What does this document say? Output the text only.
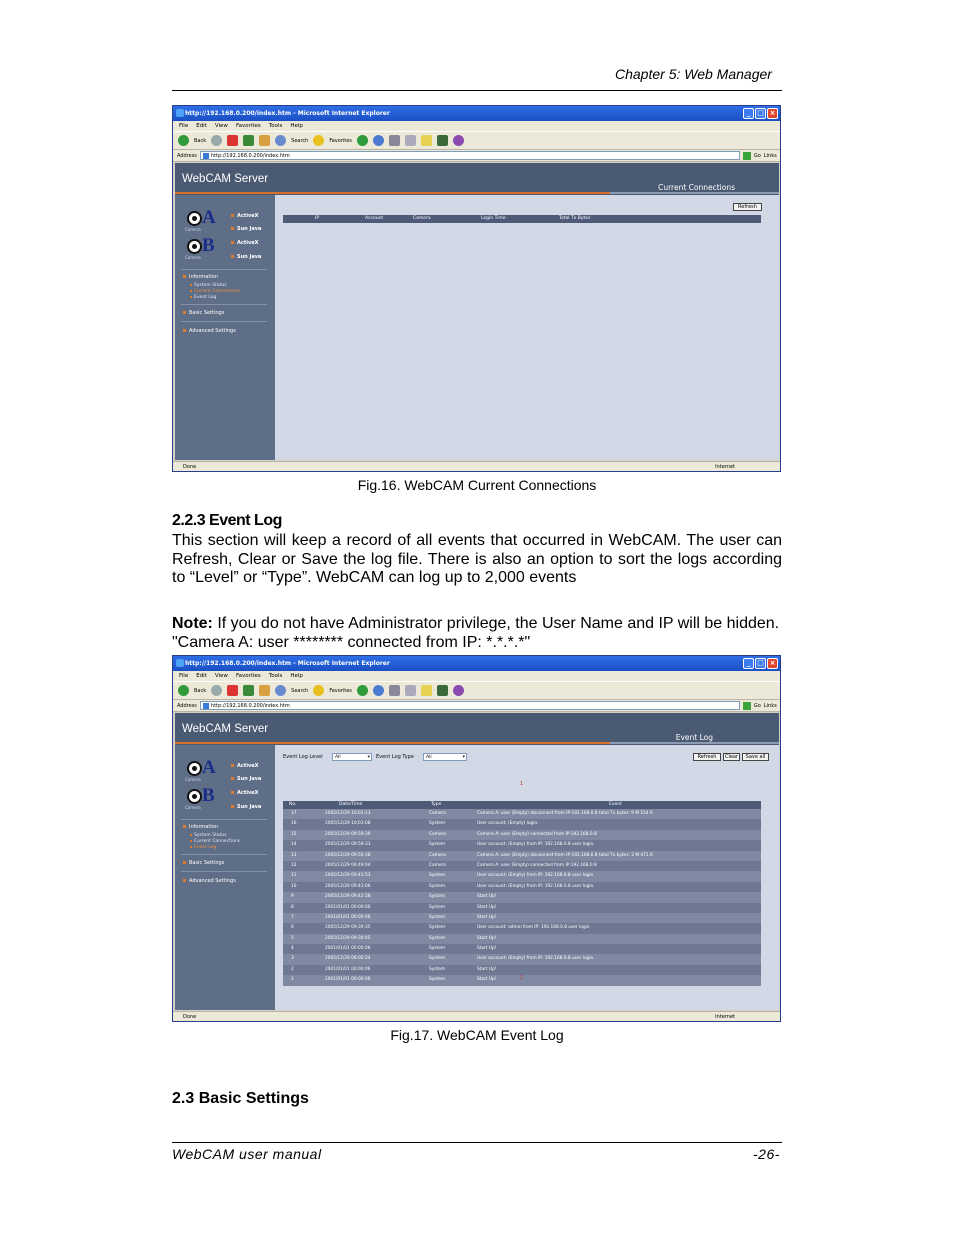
Chapter 5: Web Manager
http://192.168.0.200/index.htm - Microsoft Internet Explorer	_ □ ×
File Edit View Favorites Tools Help
Back	Search	Favorites
Address	http://192.168.0.200/index.htm	Go Links
WebCAM Server
Current Connections
A
Camera
ActiveX
Sun Java
B
Camera
ActiveX
Sun Java
Information
System Status
Current Connections
Event Log
Basic Settings
Advanced Settings
Refresh
IP	Account	Camera	Login Time	Total Tx Bytes
Done	Internet
Fig.16. WebCAM Current Connections
2.2.3 Event Log
This section will keep a record of all events that occurred in WebCAM. The user can Refresh, Clear or Save the log file. There is also an option to sort the logs according to “Level” or “Type”. WebCAM can log up to 2,000 events
Note: If you do not have Administrator privilege, the User Name and IP will be hidden.
"Camera A: user ******** connected from IP: *.*.*.*"
http://192.168.0.200/index.htm - Microsoft Internet Explorer	_ □ ×
File Edit View Favorites Tools Help
Back	Search	Favorites
Address	http://192.168.0.200/index.htm	Go Links
WebCAM Server
Event Log
A
Camera
ActiveX
Sun Java
B
Camera
ActiveX
Sun Java
Information
System Status
Current Connections
Event Log
Basic Settings
Advanced Settings
Event Log Level	All ▾	Event Log Type	All ▾	Refresh	Clear	Save all
1
No.	Date/Time	Type	Event
17	2005/12/29 10:03:23	Camera	Camera A: user (Empty) disconnect from IP:192.168.0.8 total Tx bytes: 9 M 154 K
16	2005/12/29 10:03:08	System	User account: (Empty) login.
15	2005/12/29 09:59:39	Camera	Camera A: user (Empty) connected from IP:192.168.0.8
14	2005/12/29 09:59:33	System	User account: (Empty) from IP: 192.168.0.8 user login.
13	2005/12/29 09:50:38	Camera	Camera A: user (Empty) disconnect from IP:192.168.0.8 total Tx bytes: 2 M 471 K
12	2005/12/29 09:49:04	Camera	Camera A: user (Empty) connected from IP:192.168.0.8
11	2005/12/29 09:43:53	System	User account: (Empty) from IP: 192.168.0.8 user login.
10	2005/12/29 09:43:06	System	User account: (Empty) from IP: 192.168.0.8 user login.
9	2005/12/29 09:42:58	System	Start Up!
8	2001/01/01 00:00:06	System	Start Up!
7	2001/01/01 00:00:06	System	Start Up!
6	2005/12/29 09:39:35	System	User account: admin from IP: 192.168.0.8 user login.
5	2005/12/29 09:30:45	System	Start Up!
4	2001/01/01 00:00:06	System	Start Up!
3	2005/12/29 08:00:24	System	User account: (Empty) from IP: 192.168.0.8 user login.
2	2001/01/01 00:00:06	System	Start Up!
1	2001/01/01 00:00:06	System	Start Up!	1
Done	Internet
Fig.17. WebCAM Event Log
2.3 Basic Settings
WebCAM user manual	-26-
